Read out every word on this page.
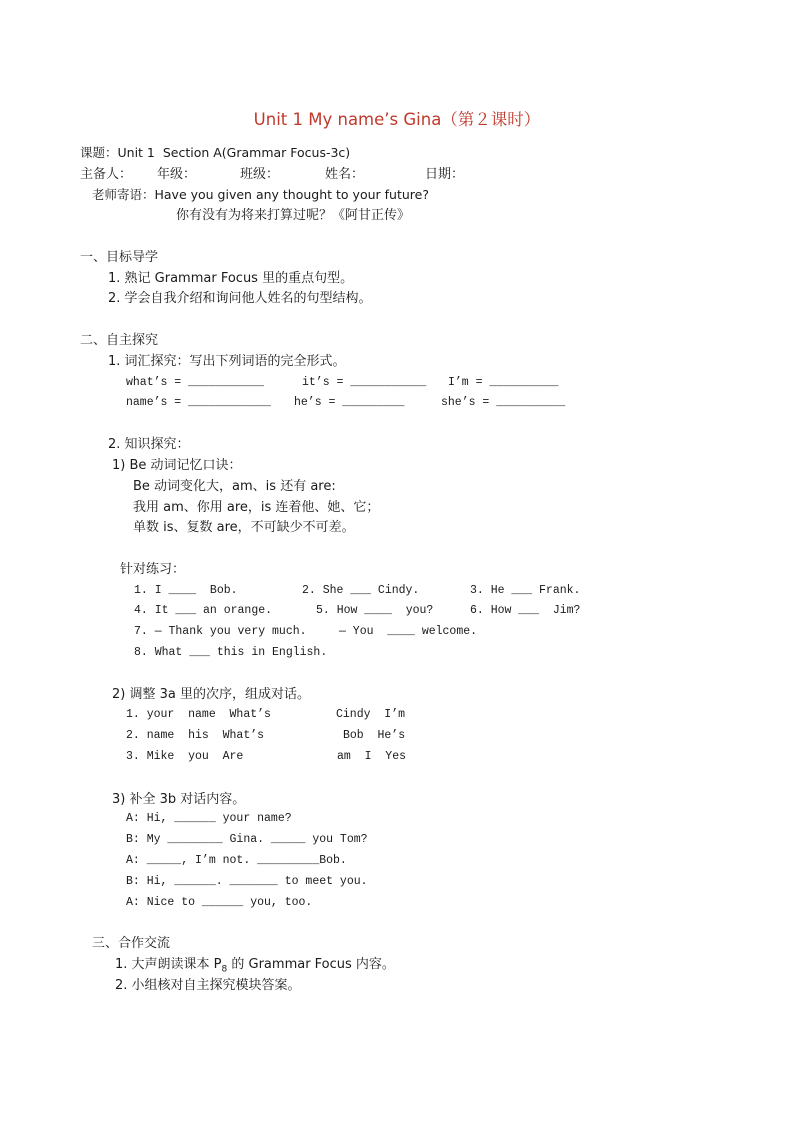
Unit 1 My name’s Gina（第２课时）
课题：Unit 1  Section A(Grammar Focus-3c)
主备人： 年级：	班级：	姓名：	日期：
老师寄语：Have you given any thought to your future?
你有没有为将来打算过呢？《阿甘正传》
一、目标导学
1. 熟记 Grammar Focus 里的重点句型。
2. 学会自我介绍和询问他人姓名的句型结构。
二、自主探究
1. 词汇探究：写出下列词语的完全形式。
what’s = ___________	it’s = ___________ I’m = __________
name’s = ____________ he’s = _________	she’s = __________
2. 知识探究：
1) Be 动词记忆口诀：
Be 动词变化大，am、is 还有 are:
我用 am、你用 are，is 连着他、她、它；
单数 is、复数 are，不可缺少不可差。
针对练习：
1. I ____  Bob.	2. She ___ Cindy.	3. He ___ Frank.
4. It ___ an orange.	5. How ____  you?	6. How ___  Jim?
7. — Thank you very much.	— You  ____ welcome.
8. What ___ this in English.
2) 调整 3a 里的次序，组成对话。
1. your  name  What’s	Cindy  I’m
2. name  his  What’s	Bob  He’s
3. Mike  you  Are	am  I  Yes
3) 补全 3b 对话内容。
A: Hi, ______ your name?
B: My ________ Gina. _____ you Tom?
A: _____, I’m not. _________Bob.
B: Hi, ______. _______ to meet you.
A: Nice to ______ you, too.
三、合作交流
1. 大声朗读课本 $P_8$ 的 Grammar Focus 内容。
2. 小组核对自主探究模块答案。
